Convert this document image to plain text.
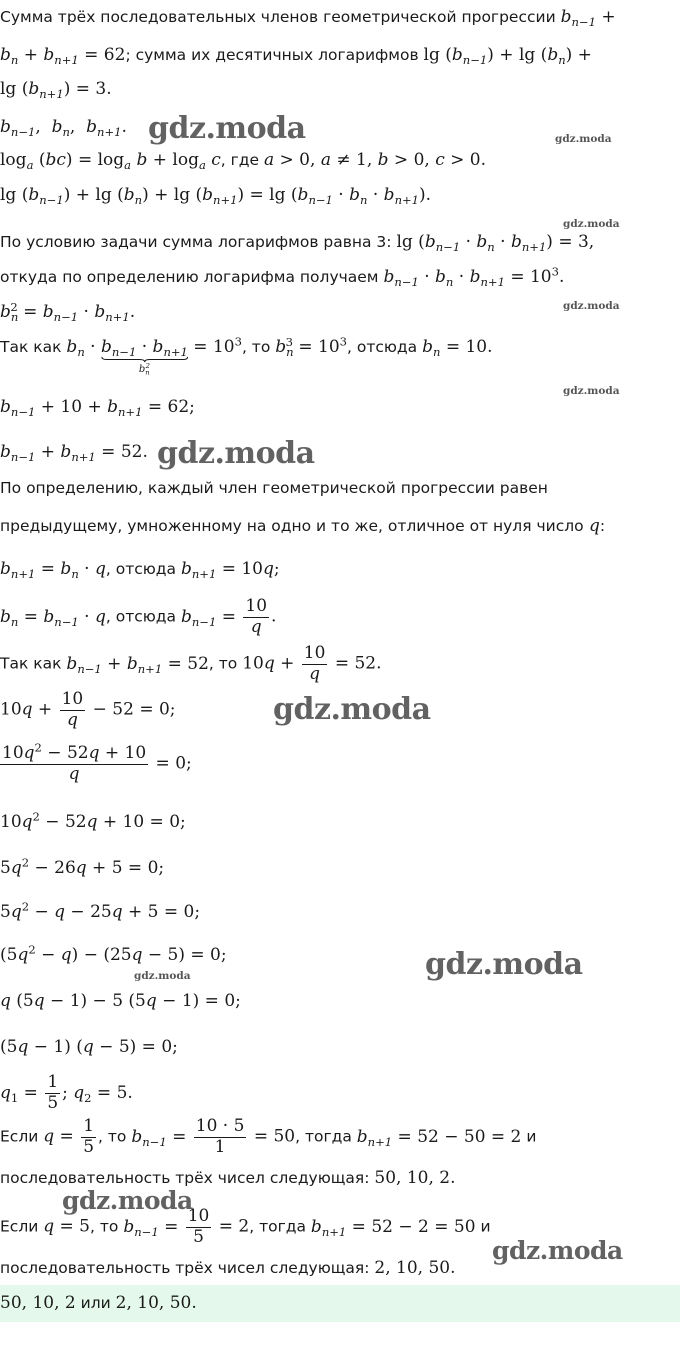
Сумма трёх последовательных членов геометрической прогрессии $b_{n-1}$ +
$b_n + b_{n+1} = 62$; сумма их десятичных логарифмов $\lg (b_{n-1}) + \lg (b_n)$ +
$\lg (b_{n+1}) = 3$.
$b_{n-1}$,  $b_n$,  $b_{n+1}$.
$\log_a (bc) = \log_a b + \log_a c$, где a > 0, a ≠ 1, b > 0, c > 0.
$\lg (b_{n-1}) + \lg (b_n) + \lg (b_{n+1}) = \lg (b_{n-1} \cdot b_n \cdot b_{n+1})$.
По условию задачи сумма логарифмов равна 3: $\lg (b_{n-1} \cdot b_n \cdot b_{n+1}) = 3$,
откуда по определению логарифма получаем $b_{n-1} \cdot b_n \cdot b_{n+1} = 10^3$.
$b_n^2 = b_{n-1} \cdot b_{n+1}$.
Так как $b_n \cdot b_{n-1} \cdot b_{n+1}$
$b_n^2$
= $10^3$, то $b_n^3 = 10^3$, отсюда $b_n = 10$.
$b_{n-1} + 10 + b_{n+1} = 62$;
$b_{n-1} + b_{n+1} = 52$.
По определению, каждый член геометрической прогрессии равен
предыдущему, умноженному на одно и то же, отличное от нуля число q:
$b_{n+1} = b_n \cdot q$, отсюда $b_{n+1} = 10q$;
$b_n = b_{n-1} \cdot q$, отсюда $b_{n-1} = \frac{10}{q}$ .
Так как $b_{n-1} + b_{n+1} = 52$, то $10q + \frac{10}{q} = 52$.
$10q + \frac{10}{q} - 52 = 0$;
$\frac{10q^2 - 52q + 10}{q} = 0$;
$10q^2 - 52q + 10 = 0$;
$5q^2 - 26q + 5 = 0$;
$5q^2 - q - 25q + 5 = 0$;
$(5q^2 - q) - (25q - 5) = 0$;
q (5q − 1) − 5 (5q − 1) = 0;
(5q − 1) (q − 5) = 0;
$q_1 = \frac{1}{5}$ ; $q_2 = 5$.
Если $q = \frac{1}{5}$ , то $b_{n-1} = \frac{10 \cdot 5}{1} = 50$, тогда $b_{n+1} = 52 - 50 = 2$ и
последовательность трёх чисел следующая: 50, 10, 2.
Если q = 5, то $b_{n-1} = \frac{10}{5} = 2$, тогда $b_{n+1} = 52 - 2 = 50$ и
последовательность трёх чисел следующая: 2, 10, 50.
50, 10, 2 или 2, 10, 50.
gdz.moda	gdz.moda
gdz.moda
gdz.moda
gdz.moda
gdz.moda
gdz.moda
gdz.moda
gdz.moda
gdz.moda
gdz.moda
